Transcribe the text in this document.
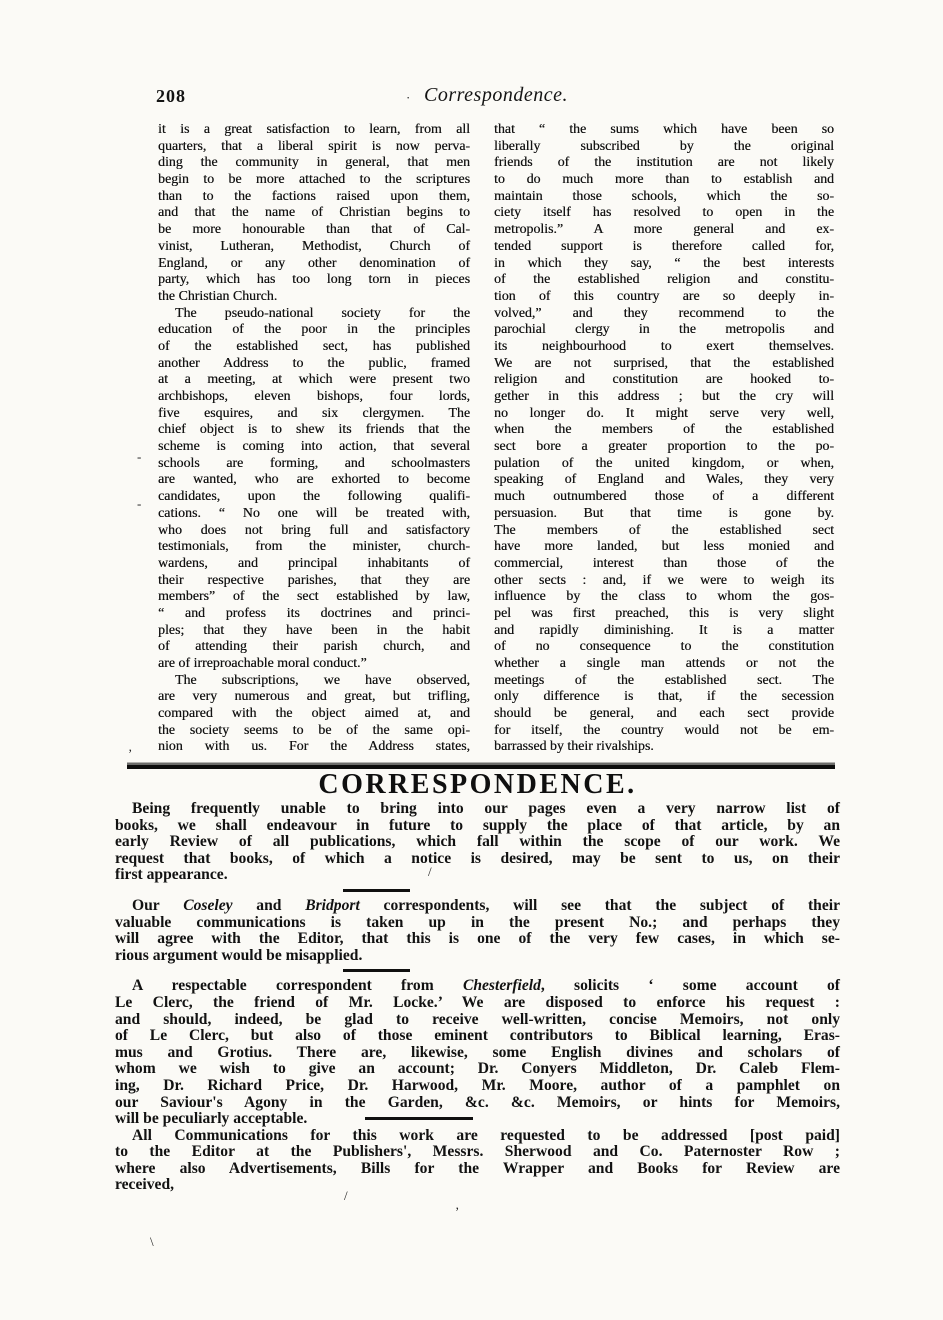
208	Correspondence.
it is a great satisfaction to learn, from all
quarters, that a liberal spirit is now perva-
ding the community in general, that men
begin to be more attached to the scriptures
than to the factions raised upon them,
and that the name of Christian begins to
be more honourable than that of Cal-
vinist, Lutheran, Methodist, Church of
England, or any other denomination of
party, which has too long torn in pieces
the Christian Church.
The pseudo-national society for the
education of the poor in the principles
of the established sect, has published
another Address to the public, framed
at a meeting, at which were present two
archbishops, eleven bishops, four lords,
five esquires, and six clergymen. The
chief object is to shew its friends that the
scheme is coming into action, that several
schools are forming, and schoolmasters
are wanted, who are exhorted to become
candidates, upon the following qualifi-
cations. “ No one will be treated with,
who does not bring full and satisfactory
testimonials, from the minister, church-
wardens, and principal inhabitants of
their respective parishes, that they are
members” of the sect established by law,
“ and profess its doctrines and princi-
ples; that they have been in the habit
of attending their parish church, and
are of irreproachable moral conduct.”
The subscriptions, we have observed,
are very numerous and great, but trifling,
compared with the object aimed at, and
the society seems to be of the same opi-
nion with us. For the Address states,
that “ the sums which have been so
liberally subscribed by the original
friends of the institution are not likely
to do much more than to establish and
maintain those schools, which the so-
ciety itself has resolved to open in the
metropolis.” A more general and ex-
tended support is therefore called for,
in which they say, “ the best interests
of the established religion and constitu-
tion of this country are so deeply in-
volved,” and they recommend to the
parochial clergy in the metropolis and
its neighbourhood to exert themselves.
We are not surprised, that the established
religion and constitution are hooked to-
gether in this address ; but the cry will
no longer do. It might serve very well,
when the members of the established
sect bore a greater proportion to the po-
pulation of the united kingdom, or when,
speaking of England and Wales, they very
much outnumbered those of a different
persuasion. But that time is gone by.
The members of the established sect
have more landed, but less monied and
commercial, interest than those of the
other sects : and, if we were to weigh its
influence by the class to whom the gos-
pel was first preached, this is very slight
and rapidly diminishing. It is a matter
of no consequence to the constitution
whether a single man attends or not the
meetings of the established sect. The
only difference is that, if the secession
should be general, and each sect provide
for itself, the country would not be em-
barrassed by their rivalships.
CORRESPONDENCE.
Being frequently unable to bring into our pages even a very narrow list of
books, we shall endeavour in future to supply the place of that article, by an
early Review of all publications, which fall within the scope of our work. We
request that books, of which a notice is desired, may be sent to us, on their
first appearance.
Our Coseley and Bridport correspondents, will see that the subject of their
valuable communications is taken up in the present No.; and perhaps they
will agree with the Editor, that this is one of the very few cases, in which se-
rious argument would be misapplied.
A respectable correspondent from Chesterfield, solicits ‘ some account of
Le Clerc, the friend of Mr. Locke.’ We are disposed to enforce his request :
and should, indeed, be glad to receive well-written, concise Memoirs, not only
of Le Clerc, but also of those eminent contributors to Biblical learning, Eras-
mus and Grotius. There are, likewise, some English divines and scholars of
whom we wish to give an account; Dr. Conyers Middleton, Dr. Caleb Flem-
ing, Dr. Richard Price, Dr. Harwood, Mr. Moore, author of a pamphlet on
our Saviour's Agony in the Garden, &c. &c. Memoirs, or hints for Memoirs,
will be peculiarly acceptable.
All Communications for this work are requested to be addressed [post paid]
to the Editor at the Publishers', Messrs. Sherwood and Co. Paternoster Row ;
where also Advertisements, Bills for the Wrapper and Books for Review are
received,
·
-
-
’
/
/
’
\
